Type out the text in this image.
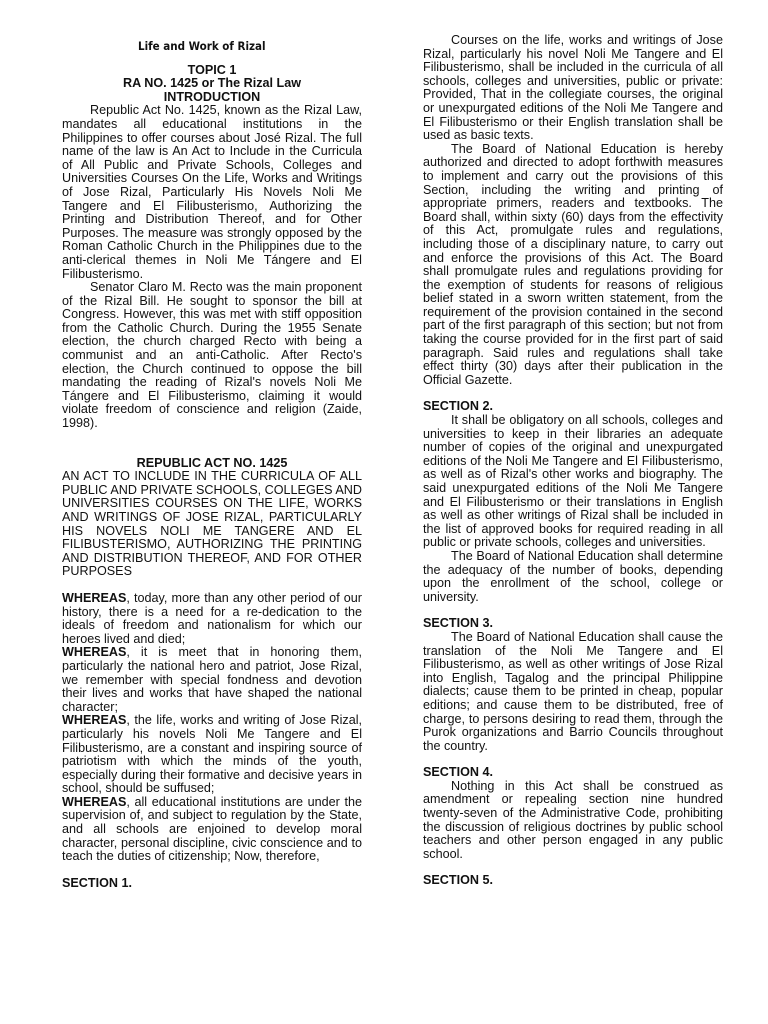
Life and Work of Rizal

TOPIC 1

RA NO. 1425 or The Rizal Law

INTRODUCTION

Republic Act No. 1425, known as the Rizal Law, mandates all educational institutions in the Philippines to offer courses about José Rizal. The full name of the law is An Act to Include in the Curricula of All Public and Private Schools, Colleges and Universities Courses On the Life, Works and Writings of Jose Rizal, Particularly His Novels Noli Me Tangere and El Filibusterismo, Authorizing the Printing and Distribution Thereof, and for Other Purposes. The measure was strongly opposed by the Roman Catholic Church in the Philippines due to the anti-clerical themes in Noli Me Tángere and El Filibusterismo.

Senator Claro M. Recto was the main proponent of the Rizal Bill. He sought to sponsor the bill at Congress. However, this was met with stiff opposition from the Catholic Church. During the 1955 Senate election, the church charged Recto with being a communist and an anti-Catholic. After Recto's election, the Church continued to oppose the bill mandating the reading of Rizal's novels Noli Me Tángere and El Filibusterismo, claiming it would violate freedom of conscience and religion (Zaide, 1998).

REPUBLIC ACT NO. 1425

AN ACT TO INCLUDE IN THE CURRICULA OF ALL PUBLIC AND PRIVATE SCHOOLS, COLLEGES AND UNIVERSITIES COURSES ON THE LIFE, WORKS AND WRITINGS OF JOSE RIZAL, PARTICULARLY HIS NOVELS NOLI ME TANGERE AND EL FILIBUSTERISMO, AUTHORIZING THE PRINTING AND DISTRIBUTION THEREOF, AND FOR OTHER PURPOSES

WHEREAS, today, more than any other period of our history, there is a need for a re-dedication to the ideals of freedom and nationalism for which our heroes lived and died;

WHEREAS, it is meet that in honoring them, particularly the national hero and patriot, Jose Rizal, we remember with special fondness and devotion their lives and works that have shaped the national character;

WHEREAS, the life, works and writing of Jose Rizal, particularly his novels Noli Me Tangere and El Filibusterismo, are a constant and inspiring source of patriotism with which the minds of the youth, especially during their formative and decisive years in school, should be suffused;

WHEREAS, all educational institutions are under the supervision of, and subject to regulation by the State, and all schools are enjoined to develop moral character, personal discipline, civic conscience and to teach the duties of citizenship; Now, therefore,

SECTION 1.

Courses on the life, works and writings of Jose Rizal, particularly his novel Noli Me Tangere and El Filibusterismo, shall be included in the curricula of all schools, colleges and universities, public or private: Provided, That in the collegiate courses, the original or unexpurgated editions of the Noli Me Tangere and El Filibusterismo or their English translation shall be used as basic texts.

The Board of National Education is hereby authorized and directed to adopt forthwith measures to implement and carry out the provisions of this Section, including the writing and printing of appropriate primers, readers and textbooks. The Board shall, within sixty (60) days from the effectivity of this Act, promulgate rules and regulations, including those of a disciplinary nature, to carry out and enforce the provisions of this Act. The Board shall promulgate rules and regulations providing for the exemption of students for reasons of religious belief stated in a sworn written statement, from the requirement of the provision contained in the second part of the first paragraph of this section; but not from taking the course provided for in the first part of said paragraph. Said rules and regulations shall take effect thirty (30) days after their publication in the Official Gazette.

SECTION 2.

It shall be obligatory on all schools, colleges and universities to keep in their libraries an adequate number of copies of the original and unexpurgated editions of the Noli Me Tangere and El Filibusterismo, as well as of Rizal's other works and biography. The said unexpurgated editions of the Noli Me Tangere and El Filibusterismo or their translations in English as well as other writings of Rizal shall be included in the list of approved books for required reading in all public or private schools, colleges and universities.

The Board of National Education shall determine the adequacy of the number of books, depending upon the enrollment of the school, college or university.

SECTION 3.

The Board of National Education shall cause the translation of the Noli Me Tangere and El Filibusterismo, as well as other writings of Jose Rizal into English, Tagalog and the principal Philippine dialects; cause them to be printed in cheap, popular editions; and cause them to be distributed, free of charge, to persons desiring to read them, through the Purok organizations and Barrio Councils throughout the country.

SECTION 4.

Nothing in this Act shall be construed as amendment or repealing section nine hundred twenty-seven of the Administrative Code, prohibiting the discussion of religious doctrines by public school teachers and other person engaged in any public school.

SECTION 5.
